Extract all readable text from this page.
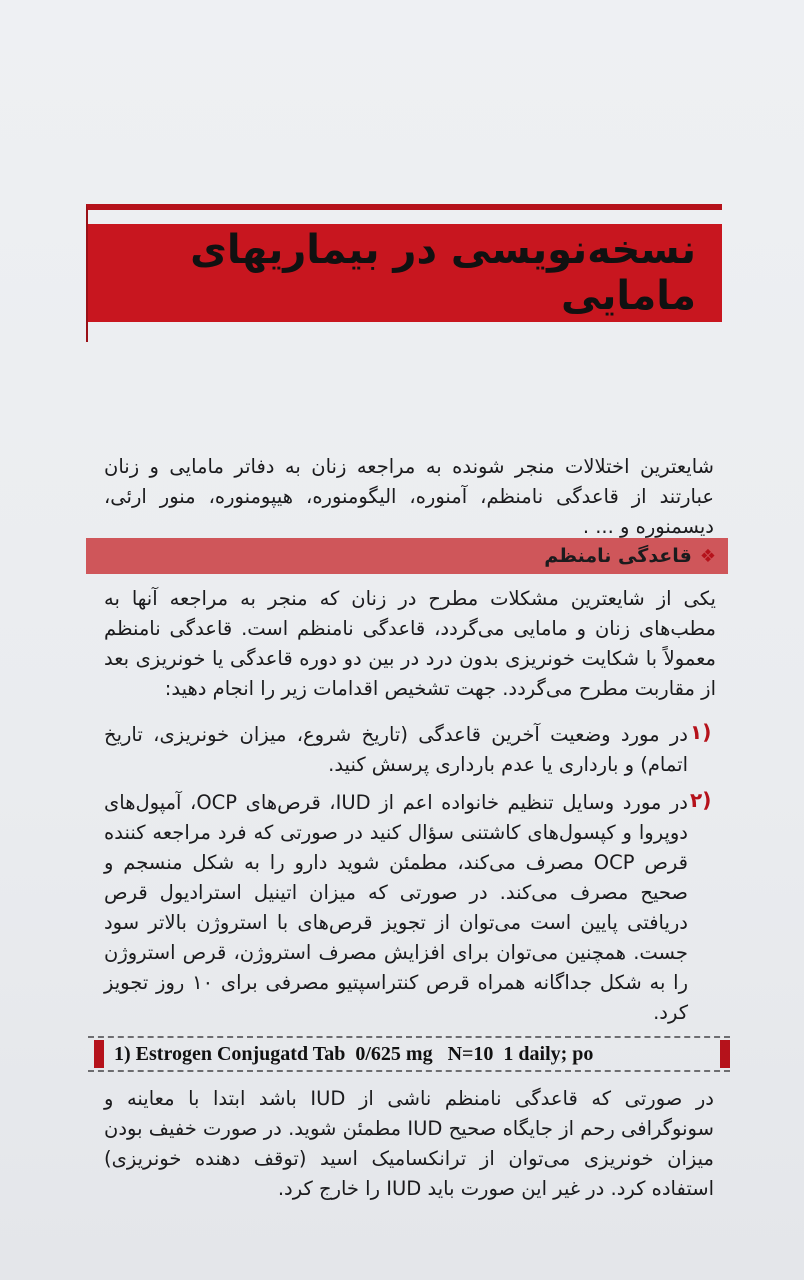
نسخه‌نویسی در بیماریهای مامایی

شایعترین اختلالات منجر شونده به مراجعه زنان به دفاتر مامایی و زنان عبارتند از قاعدگی نامنظم، آمنوره، الیگومنوره، هیپومنوره، منور ارئی، دیسمنوره و ... .

قاعدگی نامنظم ❖

یکی از شایعترین مشکلات مطرح در زنان که منجر به مراجعه آنها به مطب‌های زنان و مامایی می‌گردد، قاعدگی نامنظم است. قاعدگی نامنظم معمولاً با شکایت خونریزی بدون درد در بین دو دوره قاعدگی یا خونریزی بعد از مقاربت مطرح می‌گردد. جهت تشخیص اقدامات زیر را انجام دهید:

۱)

در مورد وضعیت آخرین قاعدگی (تاریخ شروع، میزان خونریزی، تاریخ اتمام) و بارداری یا عدم بارداری پرسش کنید.

۲)

در مورد وسایل تنظیم خانواده اعم از IUD، قرص‌های OCP، آمپول‌های دوپروا و کپسول‌های کاشتنی سؤال کنید در صورتی که فرد مراجعه کننده قرص OCP مصرف می‌کند، مطمئن شوید دارو را به شکل منسجم و صحیح مصرف می‌کند. در صورتی که میزان اتینیل استرادیول قرص دریافتی پایین است می‌توان از تجویز قرص‌های با استروژن بالاتر سود جست. همچنین می‌توان برای افزایش مصرف استروژن، قرص استروژن را به شکل جداگانه همراه قرص کنتراسپتیو مصرفی برای ۱۰ روز تجویز کرد.

1) Estrogen Conjugatd Tab  0/625 mg   N=10  1 daily; po

در صورتی که قاعدگی نامنظم ناشی از IUD باشد ابتدا با معاینه و سونوگرافی رحم از جایگاه صحیح IUD مطمئن شوید. در صورت خفیف بودن میزان خونریزی می‌توان از ترانکسامیک اسید (توقف دهنده خونریزی) استفاده کرد. در غیر این صورت باید IUD را خارج کرد.
